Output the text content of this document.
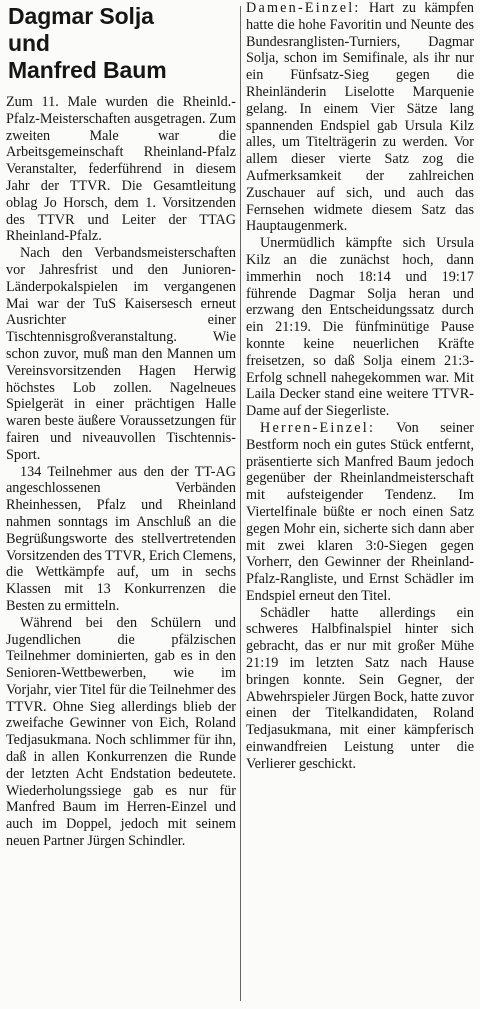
Dagmar Solja
und
Manfred Baum

Zum 11. Male wurden die Rheinld.-Pfalz-Meisterschaften ausgetragen. Zum zweiten Male war die Arbeitsgemeinschaft Rheinland-Pfalz Veranstalter, federführend in diesem Jahr der TTVR. Die Gesamtleitung oblag Jo Horsch, dem 1. Vorsitzenden des TTVR und Leiter der TTAG Rheinland-Pfalz.

Nach den Verbandsmeisterschaften vor Jahresfrist und den Junioren-Länderpokalspielen im vergangenen Mai war der TuS Kaisersesch erneut Ausrichter einer Tischtennisgroßveranstaltung. Wie schon zuvor, muß man den Mannen um Vereinsvorsitzenden Hagen Herwig höchstes Lob zollen. Nagelneues Spielgerät in einer prächtigen Halle waren beste äußere Voraussetzungen für fairen und niveauvollen Tischtennis-Sport.

134 Teilnehmer aus den der TT-AG angeschlossenen Verbänden Rheinhessen, Pfalz und Rheinland nahmen sonntags im Anschluß an die Begrüßungsworte des stellvertretenden Vorsitzenden des TTVR, Erich Clemens, die Wettkämpfe auf, um in sechs Klassen mit 13 Konkurrenzen die Besten zu ermitteln.

Während bei den Schülern und Jugendlichen die pfälzischen Teilnehmer dominierten, gab es in den Senioren-Wettbewerben, wie im Vorjahr, vier Titel für die Teilnehmer des TTVR. Ohne Sieg allerdings blieb der zweifache Gewinner von Eich, Roland Tedjasukmana. Noch schlimmer für ihn, daß in allen Konkurrenzen die Runde der letzten Acht Endstation bedeutete. Wiederholungssiege gab es nur für Manfred Baum im Herren-Einzel und auch im Doppel, jedoch mit seinem neuen Partner Jürgen Schindler.

Damen-Einzel: Hart zu kämpfen hatte die hohe Favoritin und Neunte des Bundesranglisten-Turniers, Dagmar Solja, schon im Semifinale, als ihr nur ein Fünfsatz-Sieg gegen die Rheinländerin Liselotte Marquenie gelang. In einem Vier Sätze lang spannenden Endspiel gab Ursula Kilz alles, um Titelträgerin zu werden. Vor allem dieser vierte Satz zog die Aufmerksamkeit der zahlreichen Zuschauer auf sich, und auch das Fernsehen widmete diesem Satz das Hauptaugenmerk.

Unermüdlich kämpfte sich Ursula Kilz an die zunächst hoch, dann immerhin noch 18:14 und 19:17 führende Dagmar Solja heran und erzwang den Entscheidungssatz durch ein 21:19. Die fünfminütige Pause konnte keine neuerlichen Kräfte freisetzen, so daß Solja einem 21:3-Erfolg schnell nahegekommen war. Mit Laila Decker stand eine weitere TTVR-Dame auf der Siegerliste.

Herren-Einzel: Von seiner Bestform noch ein gutes Stück entfernt, präsentierte sich Manfred Baum jedoch gegenüber der Rheinlandmeisterschaft mit aufsteigender Tendenz. Im Viertelfinale büßte er noch einen Satz gegen Mohr ein, sicherte sich dann aber mit zwei klaren 3:0-Siegen gegen Vorherr, den Gewinner der Rheinland-Pfalz-Rangliste, und Ernst Schädler im Endspiel erneut den Titel.

Schädler hatte allerdings ein schweres Halbfinalspiel hinter sich gebracht, das er nur mit großer Mühe 21:19 im letzten Satz nach Hause bringen konnte. Sein Gegner, der Abwehrspieler Jürgen Bock, hatte zuvor einen der Titelkandidaten, Roland Tedjasukmana, mit einer kämpferisch einwandfreien Leistung unter die Verlierer geschickt.
